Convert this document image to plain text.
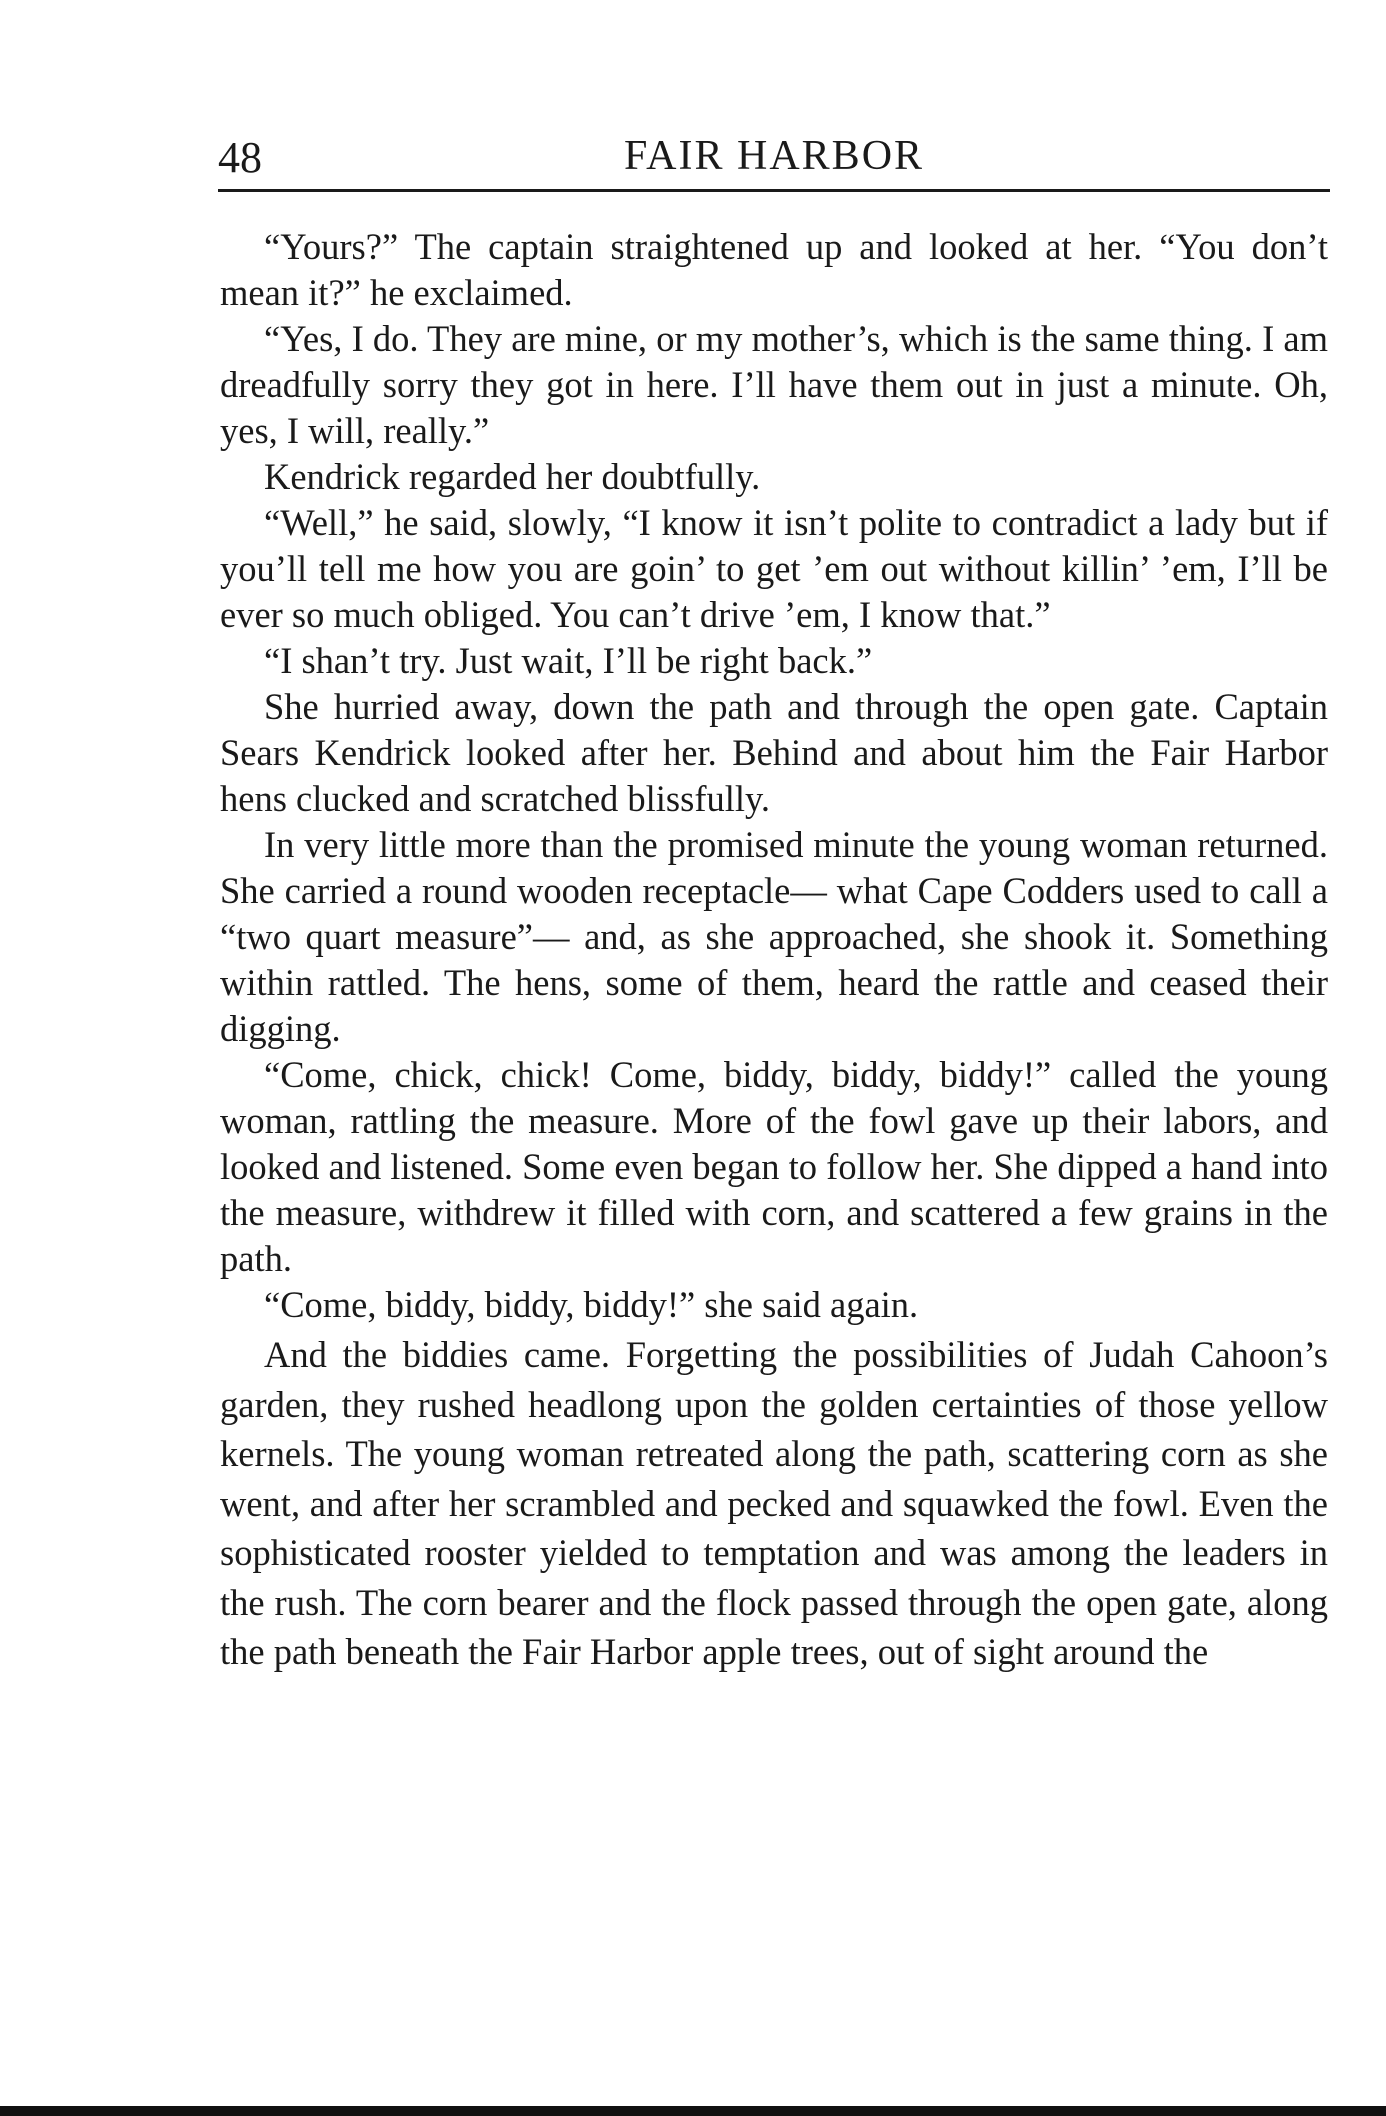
48	FAIR HARBOR

“Yours?” The captain straightened up and looked at her. “You don’t mean it?” he exclaimed.

“Yes, I do. They are mine, or my mother’s, which is the same thing. I am dreadfully sorry they got in here. I’ll have them out in just a minute. Oh, yes, I will, really.”

Kendrick regarded her doubtfully.

“Well,” he said, slowly, “I know it isn’t polite to contradict a lady but if you’ll tell me how you are goin’ to get ’em out without killin’ ’em, I’ll be ever so much obliged. You can’t drive ’em, I know that.”

“I shan’t try. Just wait, I’ll be right back.”

She hurried away, down the path and through the open gate. Captain Sears Kendrick looked after her. Behind and about him the Fair Harbor hens clucked and scratched blissfully.

In very little more than the promised minute the young woman returned. She carried a round wooden receptacle— what Cape Codders used to call a “two quart measure”— and, as she approached, she shook it. Something within rattled. The hens, some of them, heard the rattle and ceased their digging.

“Come, chick, chick! Come, biddy, biddy, biddy!” called the young woman, rattling the measure. More of the fowl gave up their labors, and looked and listened. Some even began to follow her. She dipped a hand into the measure, withdrew it filled with corn, and scattered a few grains in the path.

“Come, biddy, biddy, biddy!” she said again.

And the biddies came. Forgetting the possibilities of Judah Cahoon’s garden, they rushed headlong upon the golden certainties of those yellow kernels. The young woman retreated along the path, scattering corn as she went, and after her scrambled and pecked and squawked the fowl. Even the sophisticated rooster yielded to temptation and was among the leaders in the rush. The corn bearer and the flock passed through the open gate, along the path beneath the Fair Harbor apple trees, out of sight around the
